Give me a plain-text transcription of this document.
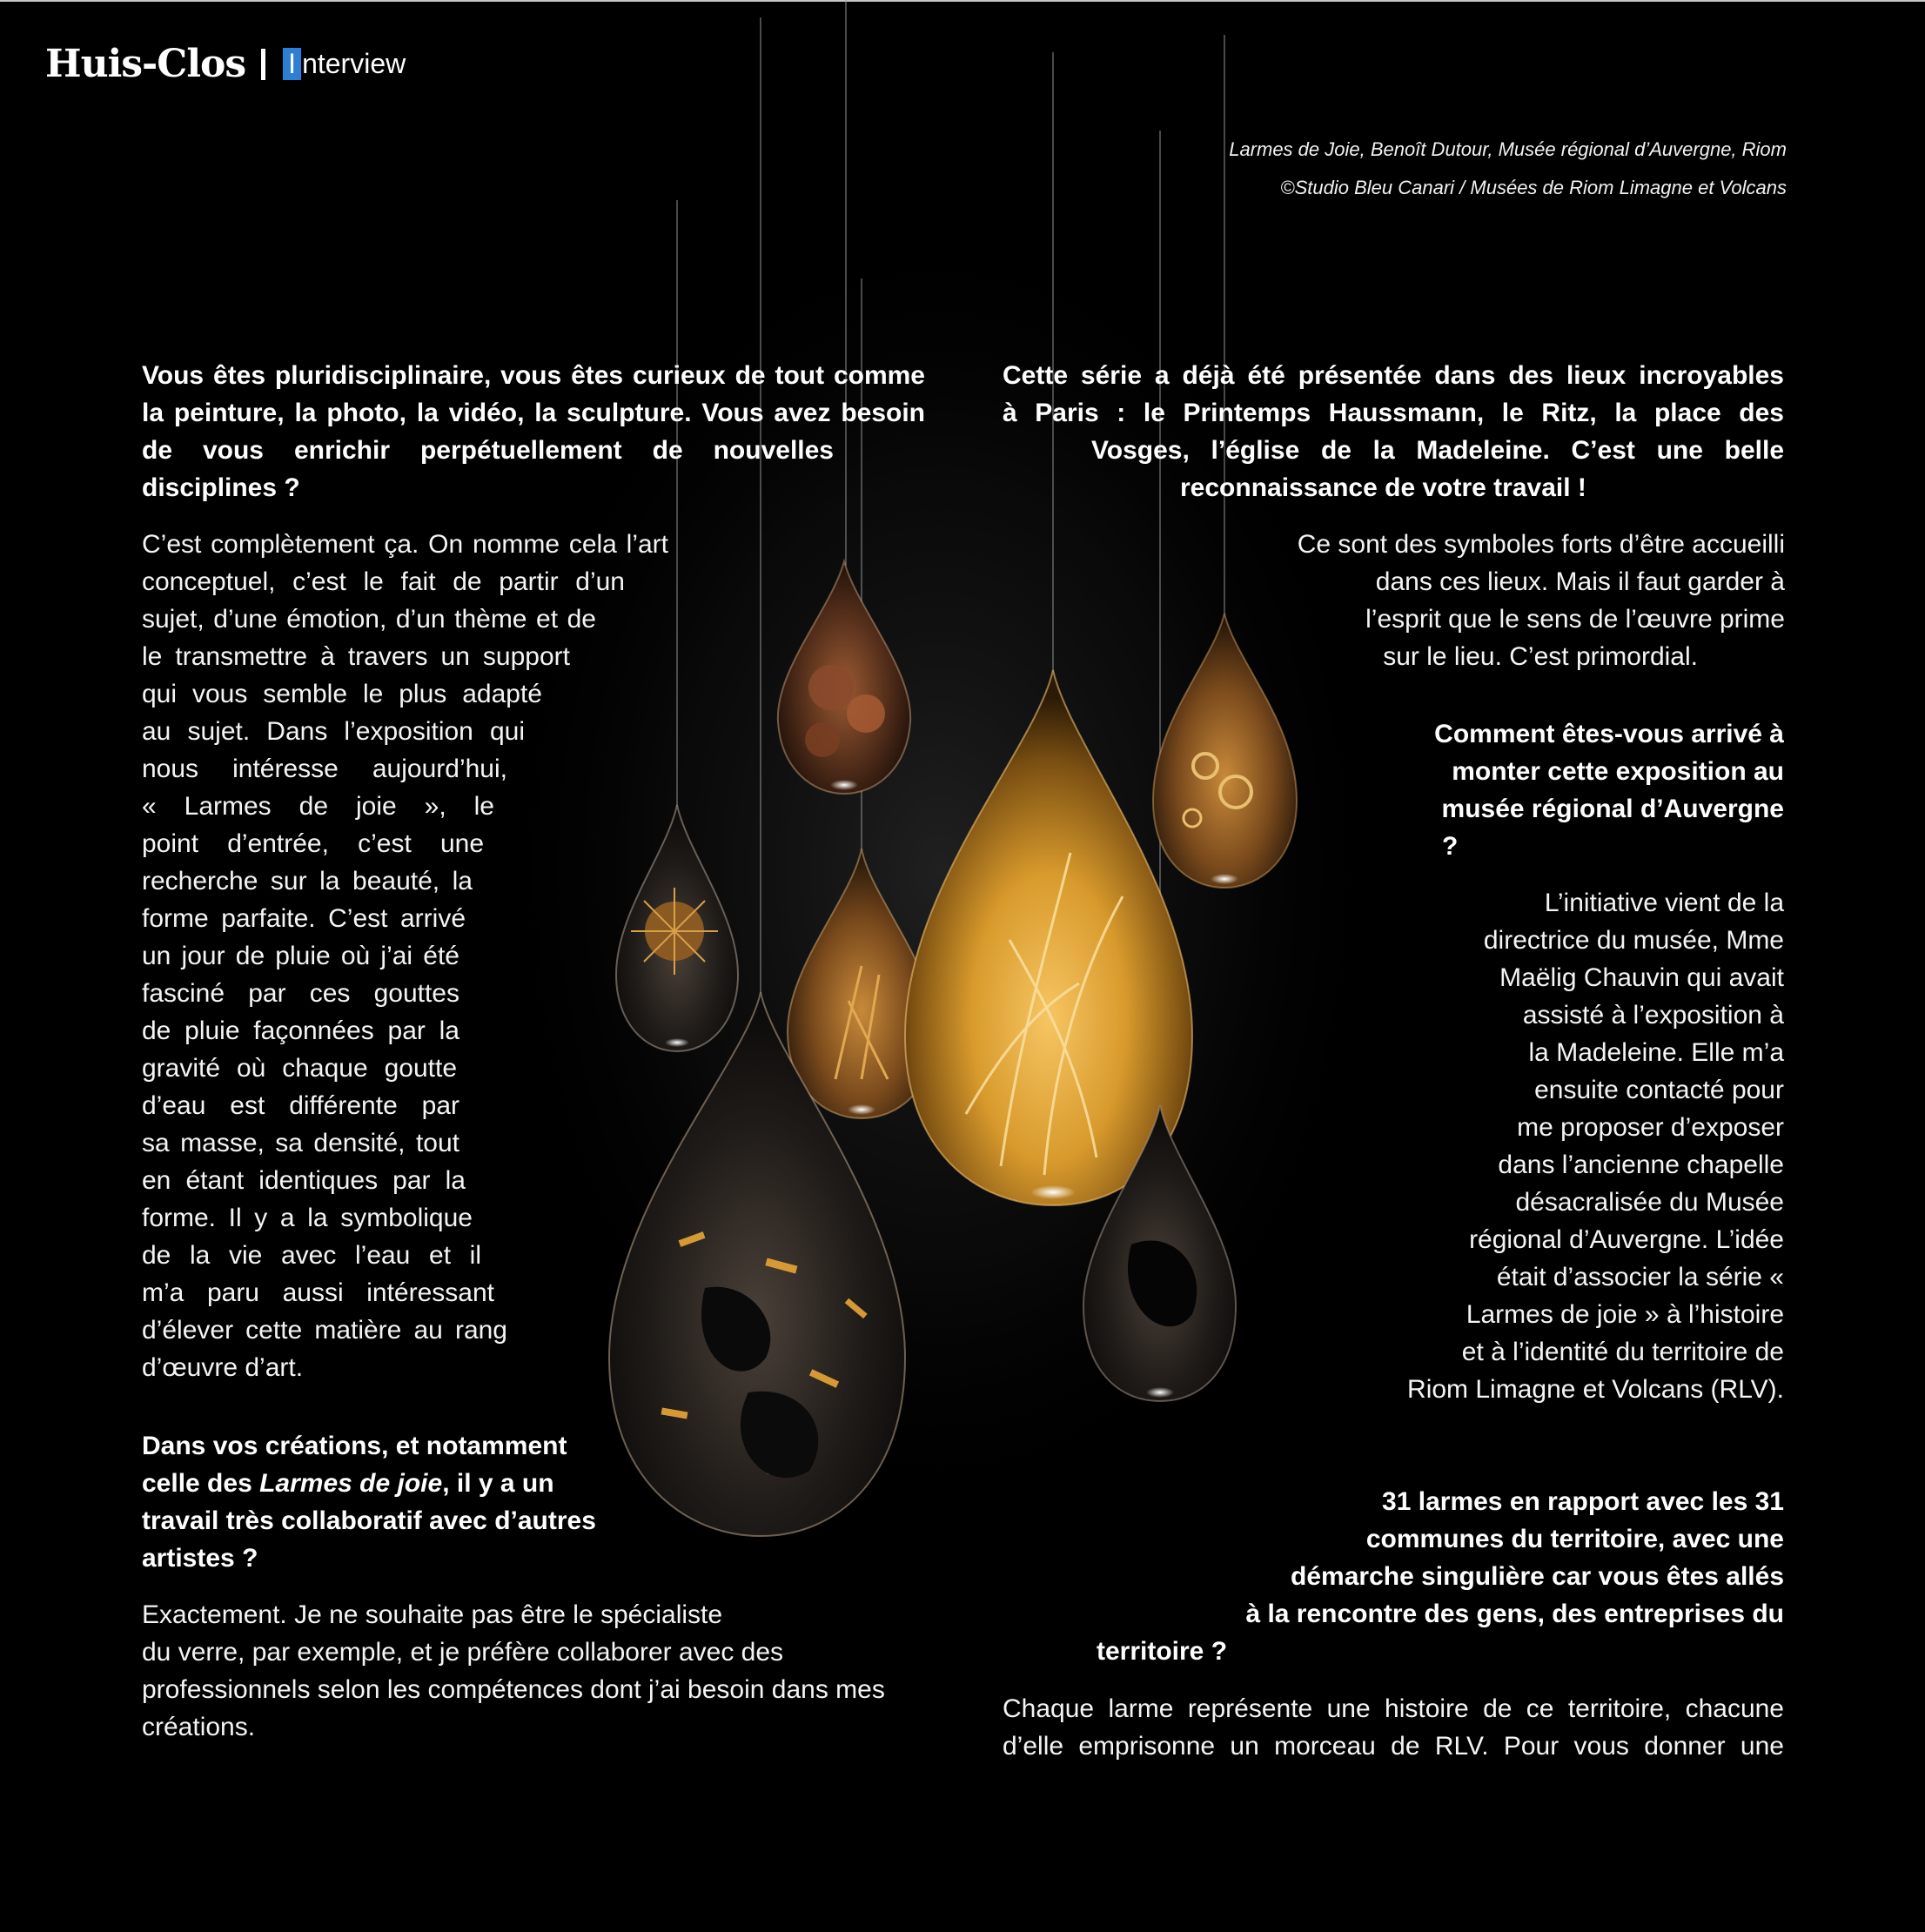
Huis-Clos I nterview
Larmes de Joie, Benoît Dutour, Musée régional d’Auvergne, Riom
©Studio Bleu Canari / Musées de Riom Limagne et Volcans
Vous êtes pluridisciplinaire, vous êtes curieux de tout comme
la peinture, la photo, la vidéo, la sculpture. Vous avez besoin
de vous enrichir perpétuellement de nouvelles
disciplines ?
C’est complètement ça. On nomme cela l’art
conceptuel, c’est le fait de partir d’un
sujet, d’une émotion, d’un thème et de
le transmettre à travers un support
qui vous semble le plus adapté
au sujet. Dans l’exposition qui
nous intéresse aujourd’hui,
« Larmes de joie », le
point d’entrée, c’est une
recherche sur la beauté, la
forme parfaite. C’est arrivé
un jour de pluie où j’ai été
fasciné par ces gouttes
de pluie façonnées par la
gravité où chaque goutte
d’eau est différente par
sa masse, sa densité, tout
en étant identiques par la
forme. Il y a la symbolique
de la vie avec l’eau et il
m’a paru aussi intéressant
d’élever cette matière au rang
d’œuvre d’art.
Dans vos créations, et notamment
celle des Larmes de joie, il y a un
travail très collaboratif avec d’autres
artistes ?
Exactement. Je ne souhaite pas être le spécialiste
du verre, par exemple, et je préfère collaborer avec des
professionnels selon les compétences dont j’ai besoin dans mes
créations.
Cette série a déjà été présentée dans des lieux incroyables
à Paris : le Printemps Haussmann, le Ritz, la place des
Vosges, l’église de la Madeleine. C’est une belle
reconnaissance de votre travail !
Ce sont des symboles forts d’être accueilli
dans ces lieux. Mais il faut garder à
l’esprit que le sens de l’œuvre prime
sur le lieu. C’est primordial.
Comment êtes-vous arrivé à
monter cette exposition au
musée régional d’Auvergne
?
L’initiative vient de la
directrice du musée, Mme
Maëlig Chauvin qui avait
assisté à l’exposition à
la Madeleine. Elle m’a
ensuite contacté pour
me proposer d’exposer
dans l’ancienne chapelle
désacralisée du Musée
régional d’Auvergne. L’idée
était d’associer la série «
Larmes de joie » à l’histoire
et à l’identité du territoire de
Riom Limagne et Volcans (RLV).
31 larmes en rapport avec les 31
communes du territoire, avec une
démarche singulière car vous êtes allés
à la rencontre des gens, des entreprises du
territoire ?
Chaque larme représente une histoire de ce territoire, chacune
d’elle emprisonne un morceau de RLV. Pour vous donner une
